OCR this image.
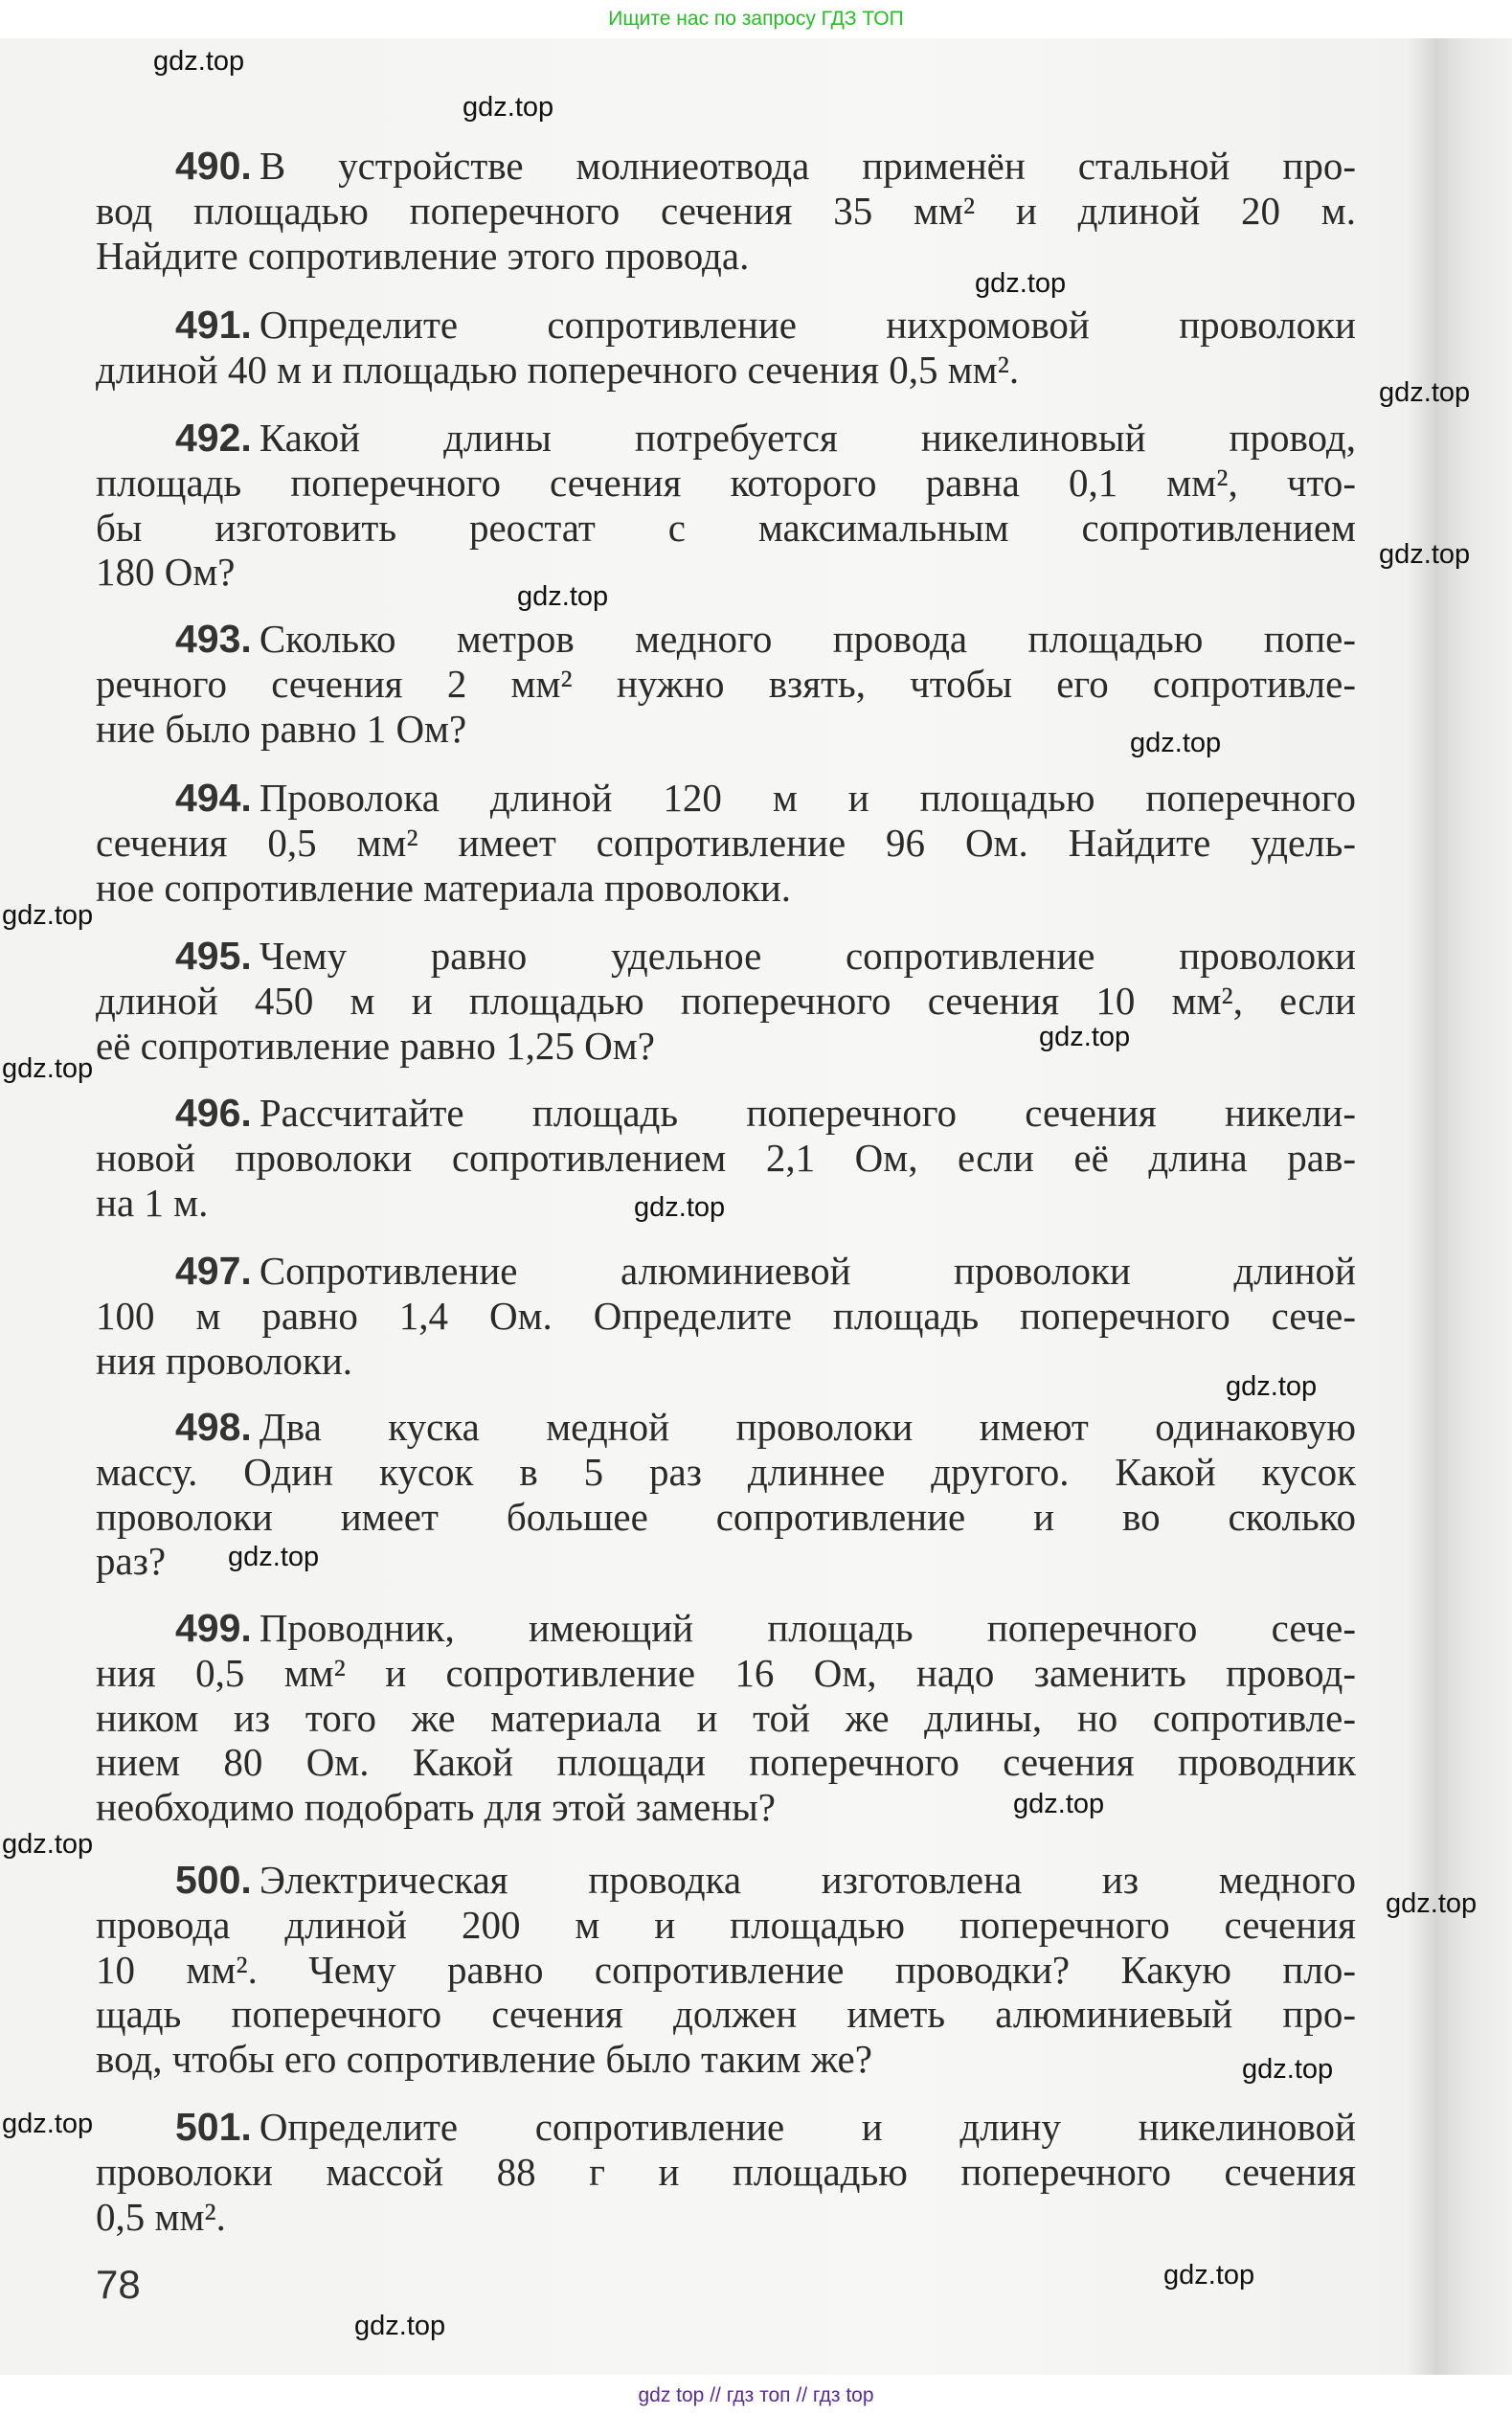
Ищите нас по запросу ГДЗ ТОП
490. В устройстве молниеотвода применён стальной про-
вод площадью поперечного сечения 35 мм² и длиной 20 м.
Найдите сопротивление этого провода.
491. Определите сопротивление нихромовой проволоки
длиной 40 м и площадью поперечного сечения 0,5 мм².
492. Какой длины потребуется никелиновый провод,
площадь поперечного сечения которого равна 0,1 мм², что-
бы изготовить реостат с максимальным сопротивлением
180 Ом?
493. Сколько метров медного провода площадью попе-
речного сечения 2 мм² нужно взять, чтобы его сопротивле-
ние было равно 1 Ом?
494. Проволока длиной 120 м и площадью поперечного
сечения 0,5 мм² имеет сопротивление 96 Ом. Найдите удель-
ное сопротивление материала проволоки.
495. Чему равно удельное сопротивление проволоки
длиной 450 м и площадью поперечного сечения 10 мм², если
её сопротивление равно 1,25 Ом?
496. Рассчитайте площадь поперечного сечения никели-
новой проволоки сопротивлением 2,1 Ом, если её длина рав-
на 1 м.
497. Сопротивление алюминиевой проволоки длиной
100 м равно 1,4 Ом. Определите площадь поперечного сече-
ния проволоки.
498. Два куска медной проволоки имеют одинаковую
массу. Один кусок в 5 раз длиннее другого. Какой кусок
проволоки имеет большее сопротивление и во сколько
раз?
499. Проводник, имеющий площадь поперечного сече-
ния 0,5 мм² и сопротивление 16 Ом, надо заменить провод-
ником из того же материала и той же длины, но сопротивле-
нием 80 Ом. Какой площади поперечного сечения проводник
необходимо подобрать для этой замены?
500. Электрическая проводка изготовлена из медного
провода длиной 200 м и площадью поперечного сечения
10 мм². Чему равно сопротивление проводки? Какую пло-
щадь поперечного сечения должен иметь алюминиевый про-
вод, чтобы его сопротивление было таким же?
501. Определите сопротивление и длину никелиновой
проволоки массой 88 г и площадью поперечного сечения
0,5 мм².
78
gdz.top
gdz.top
gdz.top
gdz.top
gdz.top
gdz.top
gdz.top
gdz.top
gdz.top
gdz.top
gdz.top
gdz.top
gdz.top
gdz.top
gdz.top
gdz.top
gdz.top
gdz.top
gdz.top
gdz.top
gdz top // гдз топ // гдз top
